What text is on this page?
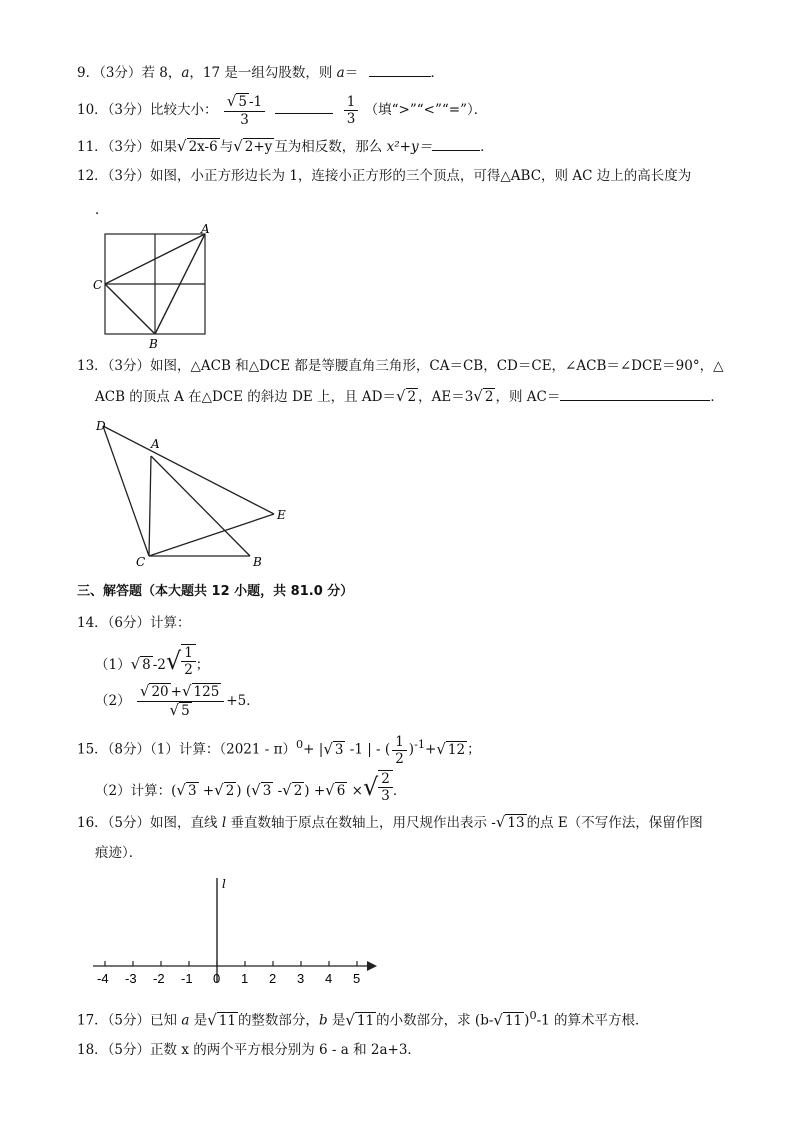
9．（3分）若 8，a，17 是一组勾股数，则 a＝	．
10．（3分）比较大小： $\frac{√ 5 -1}{3}$
	$\frac{1}{3}$ （填“>”“<”“=”）．
11．（3分）如果 √ 2x-6 与 √ 2+y 互为相反数，那么 x²+y＝	．
12．（3分）如图，小正方形边长为 1，连接小正方形的三个顶点，可得△ABC，则 AC 边上的高长度为
．
A
C
B
13．（3分）如图，△ACB 和△DCE 都是等腰直角三角形，CA＝CB，CD＝CE，∠ACB＝∠DCE＝90°，△
ACB 的顶点 A 在△DCE 的斜边 DE 上，且 AD＝ √ 2 ，AE＝3 √ 2 ，则 AC＝	．
D
A
E
C	B
三、解答题（本大题共 12 小题，共 81.0 分）
14．（6分）计算：
（1） √ 8 -2 √ $\frac{1}{2}$ ；
$(2) \frac{√ 20 + √ 125}{√ 5} +5$．
15．（8分）（1）计算：（2021 - π）$^0$+ | √ 3 -1 | - ( $\frac{1}{2} )^{-1}+$ √ 12 ；
（2）计算：( √ 3 + √ 2 ) ( √ 3 - √ 2 ) + √ 6 × √ $\frac{2}{3}$ ．
16．（5分）如图，直线 l 垂直数轴于原点在数轴上，用尺规作出表示 - √ 13 的点 E（不写作法，保留作图
痕迹）．
l
-4 -3 -2 -1 0 1 2 3 4 5
17．（5分）已知 a 是 √ 11 的整数部分，b 是 √ 11 的小数部分，求 (b- √ 11 )$^0$-1 的算术平方根．
18．（5分）正数 x 的两个平方根分别为 6 - a 和 2a+3．
